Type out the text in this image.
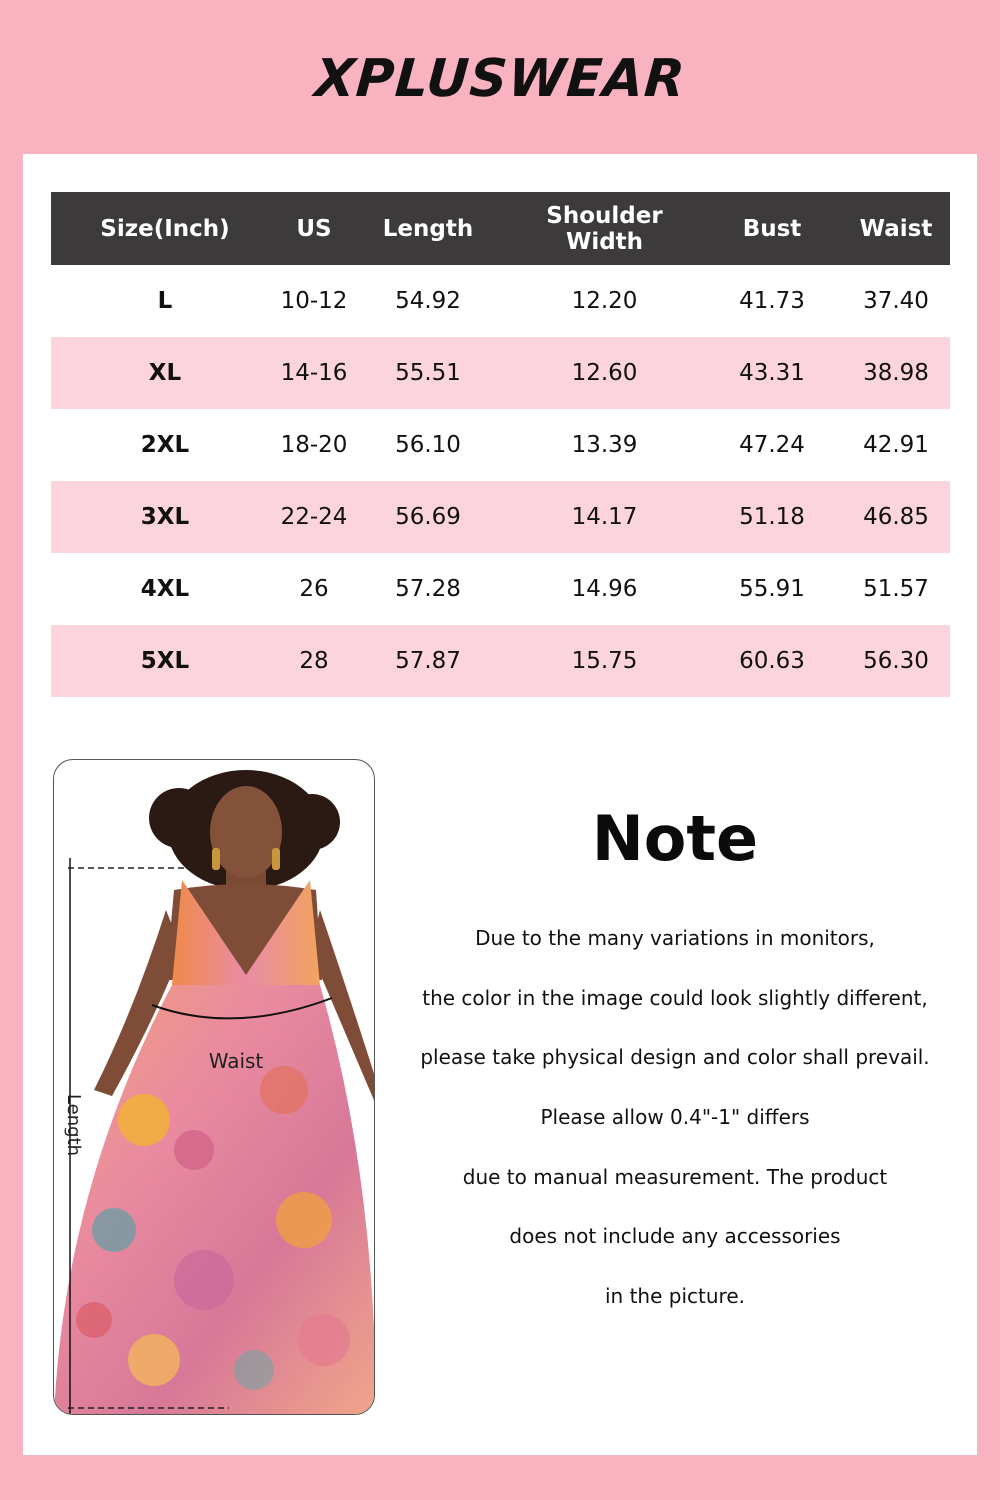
XPLUSWEAR
Size(Inch)	US	Length	Shoulder Width	Bust	Waist
L	10-12	54.92	12.20	41.73	37.40
XL	14-16	55.51	12.60	43.31	38.98
2XL	18-20	56.10	13.39	47.24	42.91
3XL	22-24	56.69	14.17	51.18	46.85
4XL	26	57.28	14.96	55.91	51.57
5XL	28	57.87	15.75	60.63	56.30
Waist
Length
Note
Due to the many variations in monitors,
the color in the image could look slightly different,
please take physical design and color shall prevail.
Please allow 0.4"-1" differs
due to manual measurement. The product
does not include any accessories
in the picture.
